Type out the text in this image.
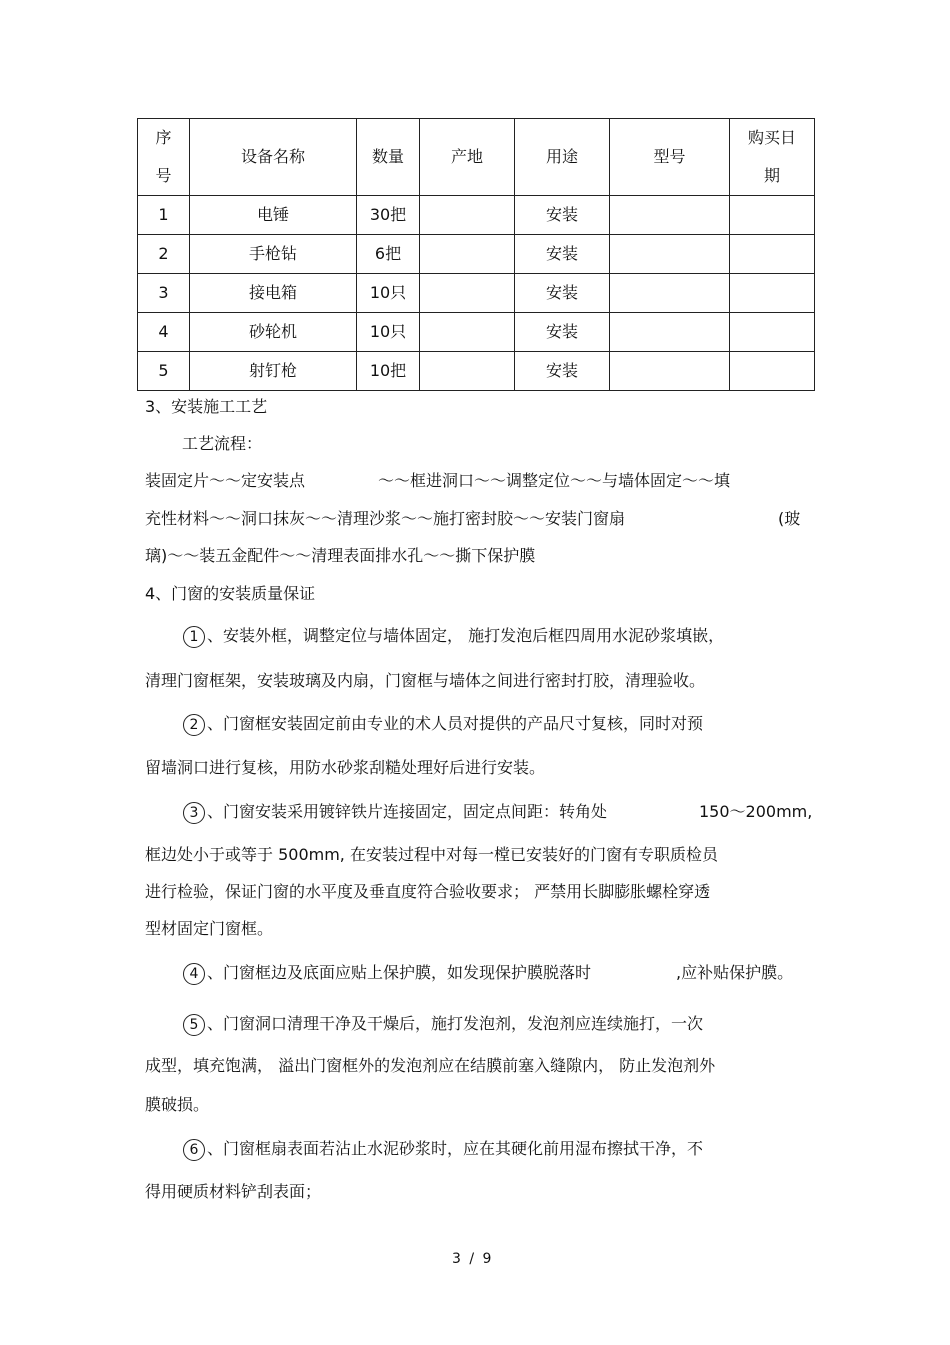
序号	设备名称	数量	产地	用途	型号	购买日期
1	电锤	30把		安装		
2	手枪钻	6把		安装		
3	接电箱	10只		安装		
4	砂轮机	10只		安装		
5	射钉枪	10把		安装		
3、安装施工工艺
工艺流程：
装固定片～～定安装点	～～框进洞口～～调整定位～～与墙体固定～～填
充性材料～～洞口抹灰～～清理沙浆～～施打密封胶～～安装门窗扇	(玻
璃)～～装五金配件～～清理表面排水孔～～撕下保护膜
4、门窗的安装质量保证
1 、安装外框，调整定位与墙体固定， 施打发泡后框四周用水泥砂浆填嵌，
清理门窗框架，安装玻璃及内扇，门窗框与墙体之间进行密封打胶，清理验收。
2 、门窗框安装固定前由专业的术人员对提供的产品尺寸复核，同时对预
留墙洞口进行复核，用防水砂浆刮糙处理好后进行安装。
3 、门窗安装采用镀锌铁片连接固定，固定点间距：转角处	150～200mm,
框边处小于或等于 500mm, 在安装过程中对每一樘已安装好的门窗有专职质检员
进行检验，保证门窗的水平度及垂直度符合验收要求； 严禁用长脚膨胀螺栓穿透
型材固定门窗框。
4 、门窗框边及底面应贴上保护膜，如发现保护膜脱落时	,应补贴保护膜。
5 、门窗洞口清理干净及干燥后，施打发泡剂，发泡剂应连续施打，一次
成型，填充饱满， 溢出门窗框外的发泡剂应在结膜前塞入缝隙内， 防止发泡剂外
膜破损。
6 、门窗框扇表面若沾止水泥砂浆时，应在其硬化前用湿布擦拭干净，不
得用硬质材料铲刮表面；
3 / 9
